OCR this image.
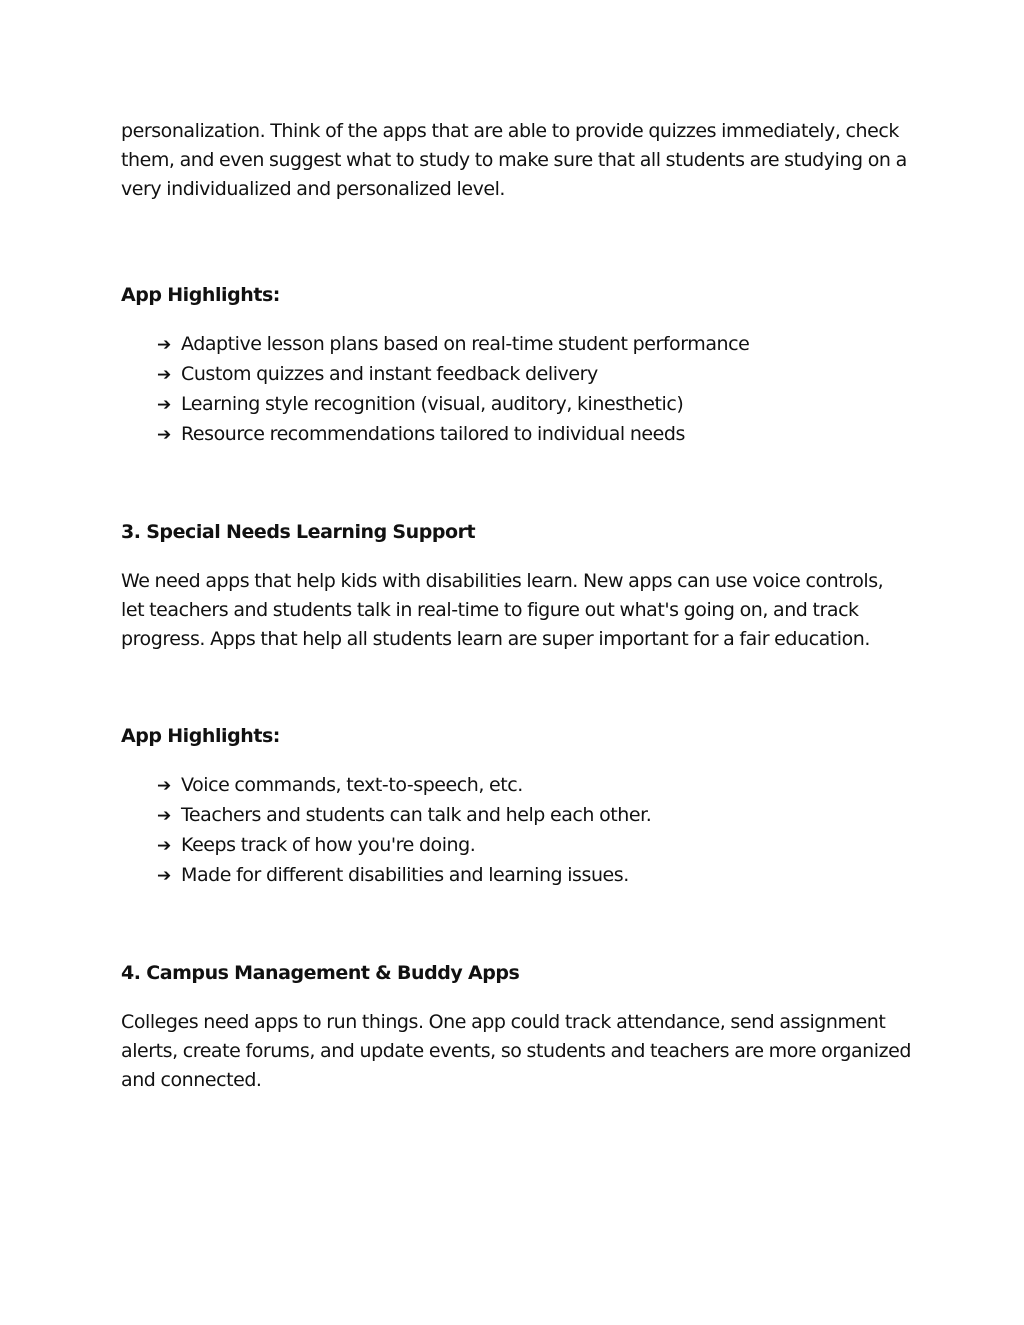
personalization. Think of the apps that are able to provide quizzes immediately, check them, and even suggest what to study to make sure that all students are studying on a very individualized and personalized level.

App Highlights:
➔ Adaptive lesson plans based on real-time student performance
➔ Custom quizzes and instant feedback delivery
➔ Learning style recognition (visual, auditory, kinesthetic)
➔ Resource recommendations tailored to individual needs
3. Special Needs Learning Support

We need apps that help kids with disabilities learn. New apps can use voice controls, let teachers and students talk in real-time to figure out what's going on, and track progress. Apps that help all students learn are super important for a fair education.

App Highlights:
➔ Voice commands, text-to-speech, etc.
➔ Teachers and students can talk and help each other.
➔ Keeps track of how you're doing.
➔ Made for different disabilities and learning issues.
4. Campus Management & Buddy Apps

Colleges need apps to run things. One app could track attendance, send assignment alerts, create forums, and update events, so students and teachers are more organized and connected.
